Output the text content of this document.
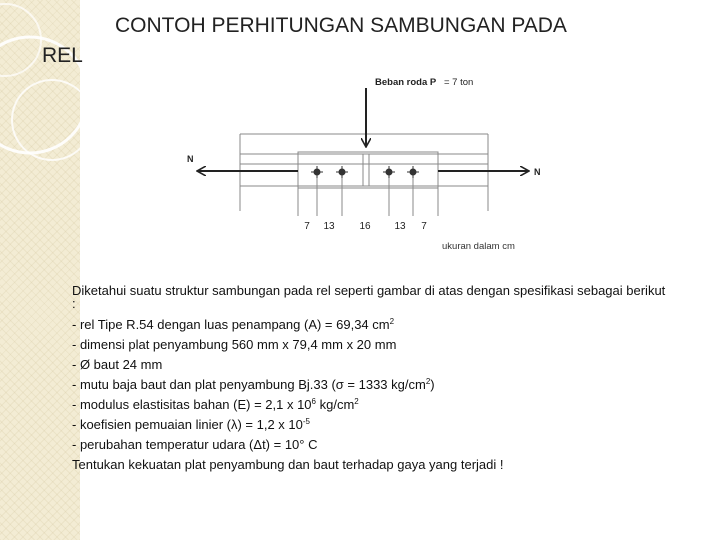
CONTOH PERHITUNGAN SAMBUNGAN PADA
REL
Beban roda P = 7 ton
N
N
7 13 16 13 7
ukuran dalam cm
Diketahui suatu struktur sambungan pada rel seperti gambar di atas dengan spesifikasi sebagai berikut :
- rel Tipe R.54 dengan luas penampang (A) = 69,34 $cm^2$
- dimensi plat penyambung 560 mm x 79,4 mm x 20 mm
- Ø baut 24 mm
- mutu baja baut dan plat penyambung Bj.33 (σ = 1333 $kg/cm^2$)
- modulus elastisitas bahan (E) = 2,1 x $10^6$ $kg/cm^2$
- koefisien pemuaian linier (λ) = 1,2 x $10^{-5}$
- perubahan temperatur udara (Δt) = 10° C
Tentukan kekuatan plat penyambung dan baut terhadap gaya yang terjadi !
